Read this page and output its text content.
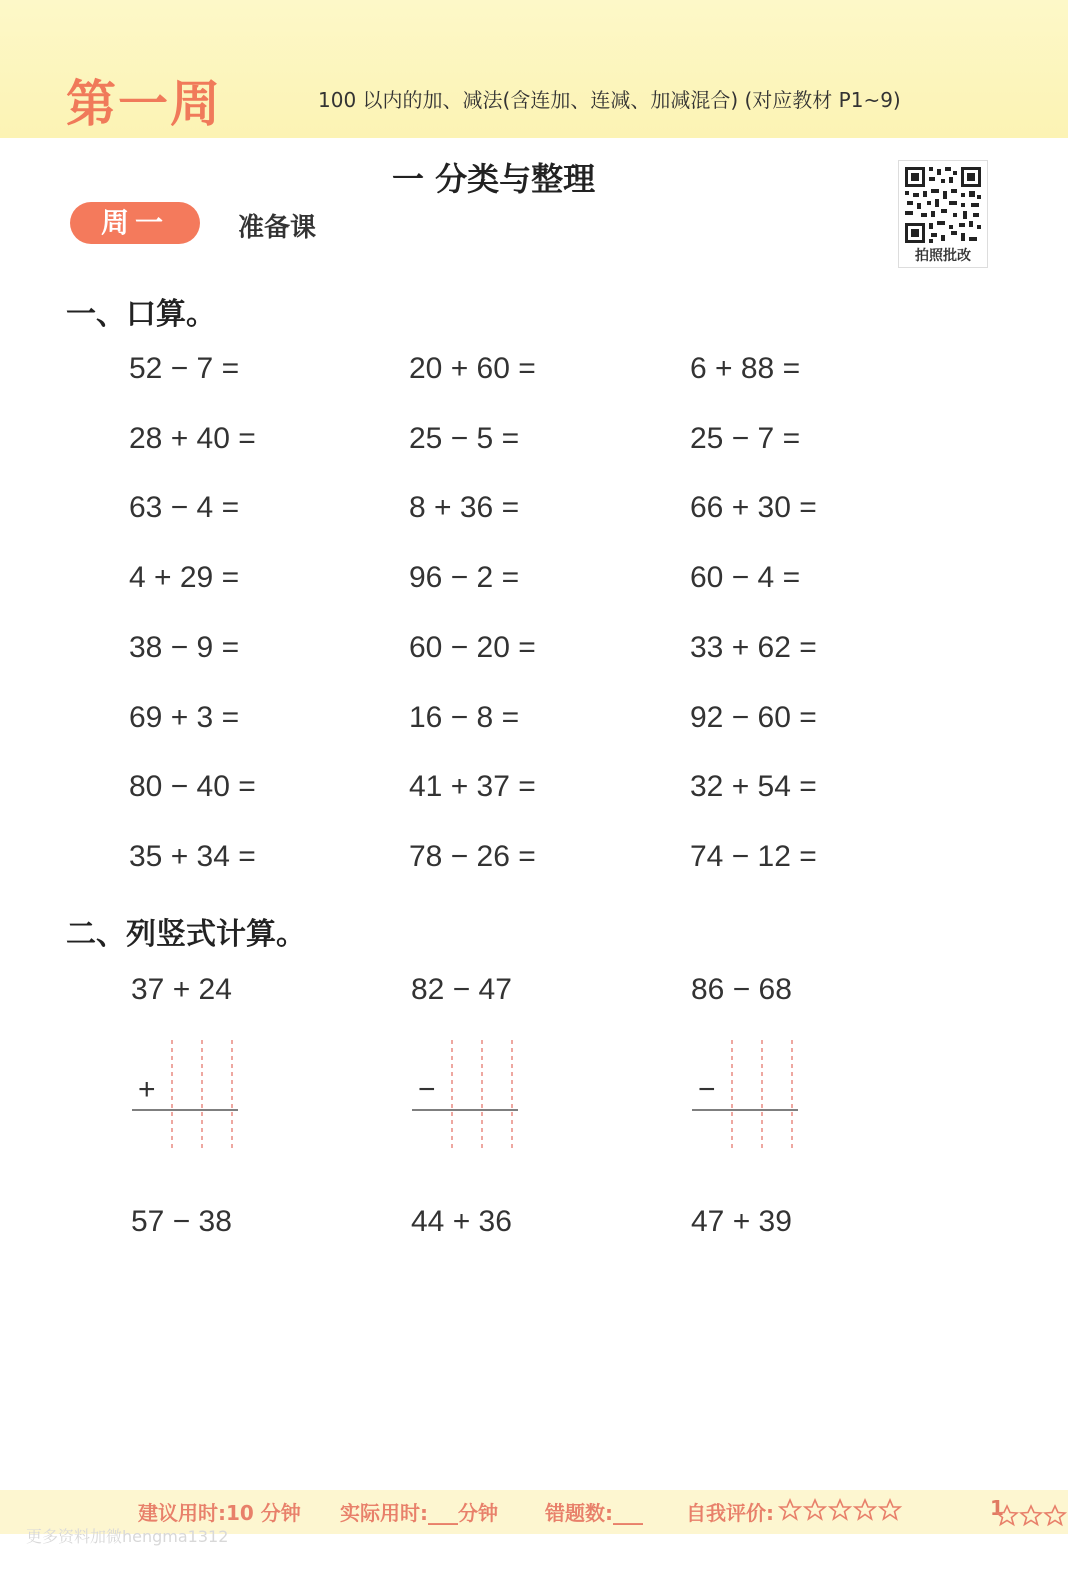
第一周	100 以内的加、减法(含连加、连减、加减混合) (对应教材 P1~9)
一 分类与整理
周一	准备课
拍照批改
一、口算。
52 − 7 =	20 + 60 =	6 + 88 =
28 + 40 =	25 − 5 =	25 − 7 =
63 − 4 =	8 + 36 =	66 + 30 =
4 + 29 =	96 − 2 =	60 − 4 =
38 − 9 =	60 − 20 =	33 + 62 =
69 + 3 =	16 − 8 =	92 − 60 =
80 − 40 =	41 + 37 =	32 + 54 =
35 + 34 =	78 − 26 =	74 − 12 =
二、列竖式计算。
37 + 24	82 − 47	86 − 68
+	−	−
57 − 38	44 + 36	47 + 39
建议用时:10 分钟 实际用时:___分钟 错题数:___ 自我评价:	1
更多资料加微hengma1312
